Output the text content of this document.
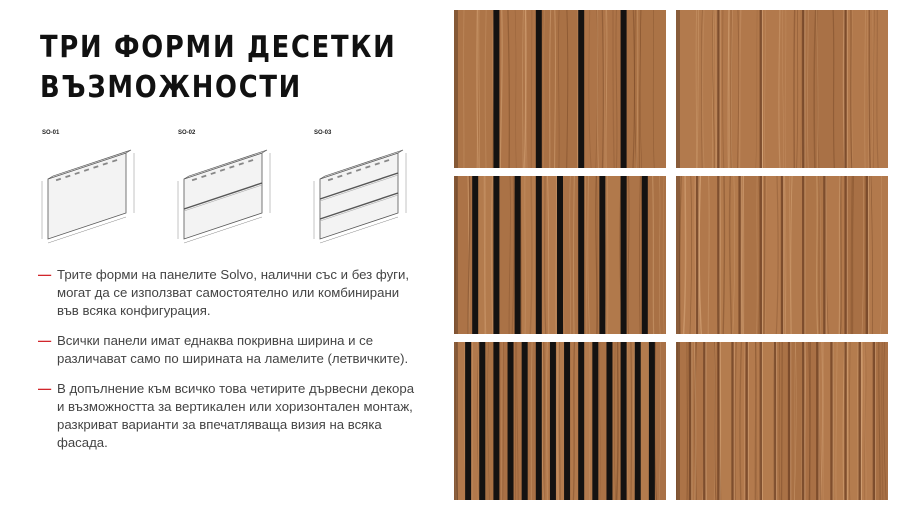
ТРИ ФОРМИ ДЕСЕТКИ
ВЪЗМОЖНОСТИ
SO-01	SO-02	SO-03
— Трите форми на панелите Solvo, налични със и без фуги, могат да се използват самостоятелно или комбинирани във всяка конфигурация.
— Всички панели имат еднаква покривна ширина и се различават само по ширината на ламелите (летвичките).
— В допълнение към всичко това четирите дървесни декора и възможността за вертикален или хоризонтален монтаж, разкриват варианти за впечатляваща визия на всяка фасада.
